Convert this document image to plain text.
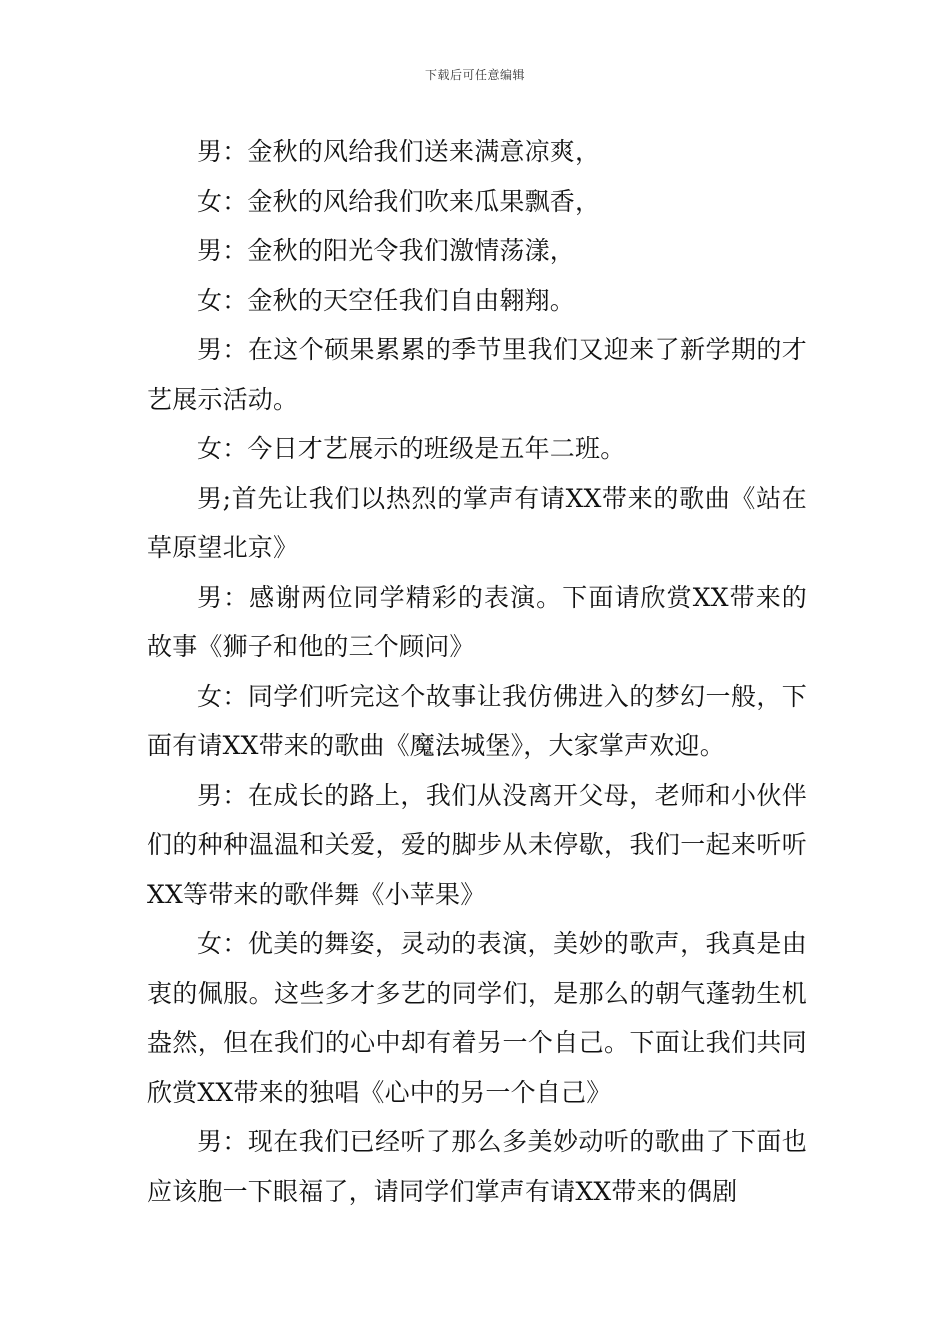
下载后可任意编辑

男：金秋的风给我们送来满意凉爽，

女：金秋的风给我们吹来瓜果飘香，

男：金秋的阳光令我们激情荡漾，

女：金秋的天空任我们自由翱翔。

男：在这个硕果累累的季节里我们又迎来了新学期的才艺展示活动。

女：今日才艺展示的班级是五年二班。

男;首先让我们以热烈的掌声有请XX带来的歌曲《站在草原望北京》

男：感谢两位同学精彩的表演。下面请欣赏XX带来的故事《狮子和他的三个顾问》

女：同学们听完这个故事让我仿佛进入的梦幻一般，下面有请XX带来的歌曲《魔法城堡》，大家掌声欢迎。

男：在成长的路上，我们从没离开父母，老师和小伙伴们的种种温温和关爱，爱的脚步从未停歇，我们一起来听听XX等带来的歌伴舞《小苹果》

女：优美的舞姿，灵动的表演，美妙的歌声，我真是由衷的佩服。这些多才多艺的同学们，是那么的朝气蓬勃生机盎然，但在我们的心中却有着另一个自己。下面让我们共同欣赏XX带来的独唱《心中的另一个自己》

男：现在我们已经听了那么多美妙动听的歌曲了下面也应该胞一下眼福了，请同学们掌声有请XX带来的偶剧
